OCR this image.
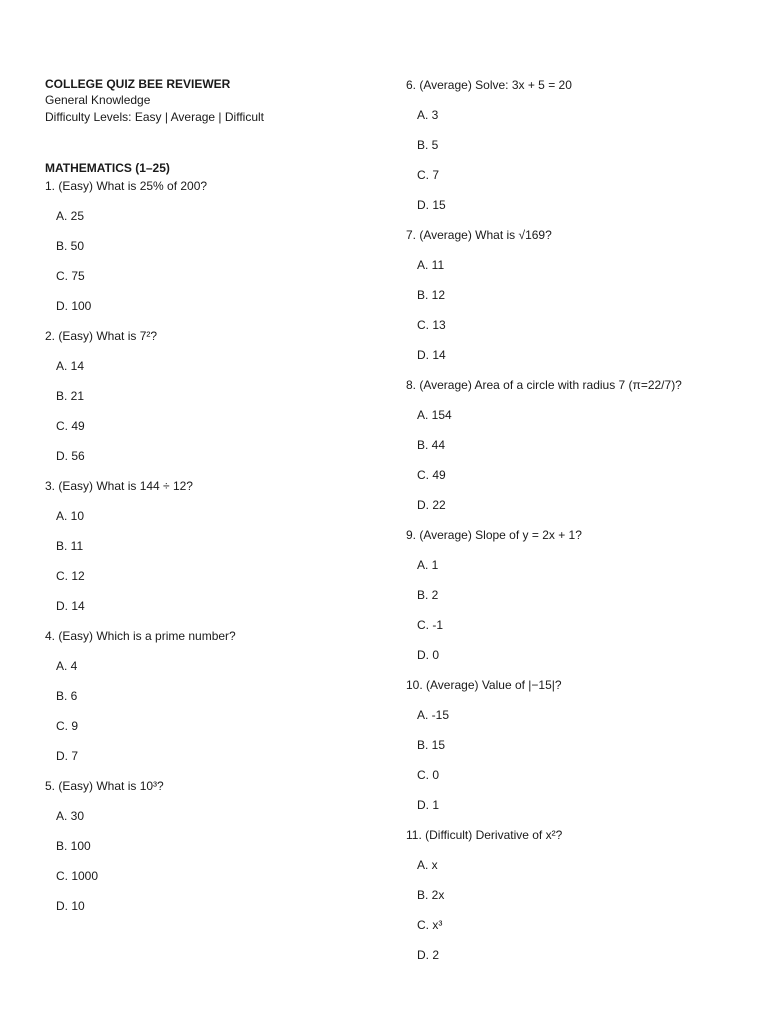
COLLEGE QUIZ BEE REVIEWER
General Knowledge
Difficulty Levels: Easy | Average | Difficult
MATHEMATICS (1–25)
1. (Easy) What is 25% of 200?
A. 25
B. 50
C. 75
D. 100
2. (Easy) What is 7²?
A. 14
B. 21
C. 49
D. 56
3. (Easy) What is 144 ÷ 12?
A. 10
B. 11
C. 12
D. 14
4. (Easy) Which is a prime number?
A. 4
B. 6
C. 9
D. 7
5. (Easy) What is 10³?
A. 30
B. 100
C. 1000
D. 10
6. (Average) Solve: 3x + 5 = 20
A. 3
B. 5
C. 7
D. 15
7. (Average) What is √169?
A. 11
B. 12
C. 13
D. 14
8. (Average) Area of a circle with radius 7 (π=22/7)?
A. 154
B. 44
C. 49
D. 22
9. (Average) Slope of y = 2x + 1?
A. 1
B. 2
C. -1
D. 0
10. (Average) Value of |−15|?
A. -15
B. 15
C. 0
D. 1
11. (Difficult) Derivative of x²?
A. x
B. 2x
C. x³
D. 2
